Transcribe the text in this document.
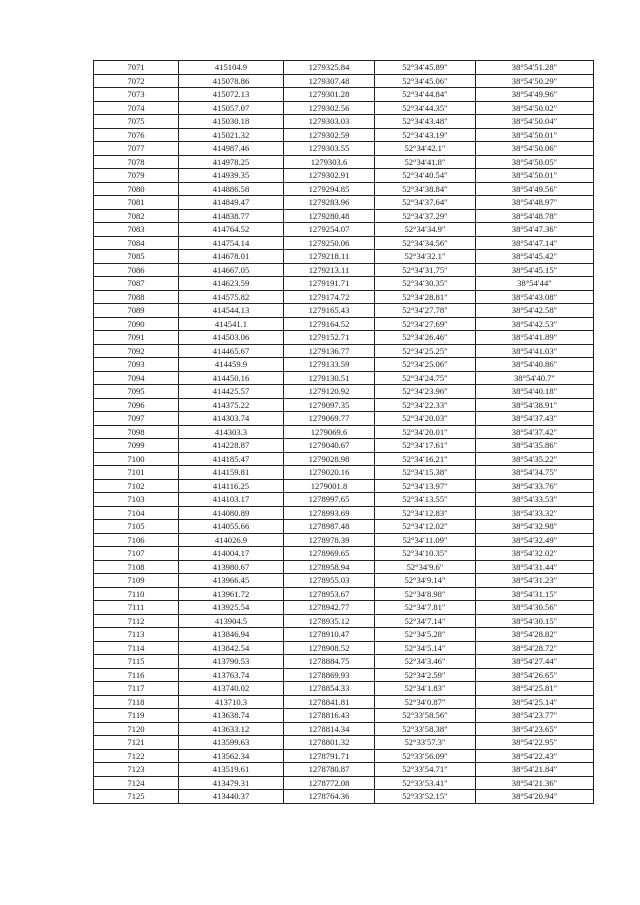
7071	415104.9	1279325.84	52°34′45.89″	38°54′51.28″
7072	415078.86	1279307.48	52°34′45.06″	38°54′50.29″
7073	415072.13	1279301.28	52°34′44.84″	38°54′49.96″
7074	415057.07	1279302.56	52°34′44.35″	38°54′50.02″
7075	415030.18	1279303.03	52°34′43.48″	38°54′50.04″
7076	415021.32	1279302.59	52°34′43.19″	38°54′50.01″
7077	414987.46	1279303.55	52°34′42.1″	38°54′50.06″
7078	414978.25	1279303.6	52°34′41.8″	38°54′50.05″
7079	414939.35	1279302.91	52°34′40.54″	38°54′50.01″
7080	414886.58	1279294.85	52°34′38.84″	38°54′49.56″
7081	414849.47	1279283.96	52°34′37.64″	38°54′48.97″
7082	414838.77	1279280.48	52°34′37.29″	38°54′48.78″
7083	414764.52	1279254.07	52°34′34.9″	38°54′47.36″
7084	414754.14	1279250.06	52°34′34.56″	38°54′47.14″
7085	414678.01	1279218.11	52°34′32.1″	38°54′45.42″
7086	414667.05	1279213.11	52°34′31.75″	38°54′45.15″
7087	414623.59	1279191.71	52°34′30.35″	38°54′44″
7088	414575.82	1279174.72	52°34′28.81″	38°54′43.08″
7089	414544.13	1279165.43	52°34′27.78″	38°54′42.58″
7090	414541.1	1279164.52	52°34′27.69″	38°54′42.53″
7091	414503.06	1279152.71	52°34′26.46″	38°54′41.89″
7092	414465.67	1279136.77	52°34′25.25″	38°54′41.03″
7093	414459.9	1279133.59	52°34′25.06″	38°54′40.86″
7094	414450.16	1279130.51	52°34′24.75″	38°54′40.7″
7095	414425.57	1279120.92	52°34′23.96″	38°54′40.18″
7096	414375.22	1279097.35	52°34′22.33″	38°54′38.91″
7097	414303.74	1279069.77	52°34′20.03″	38°54′37.43″
7098	414303.3	1279069.6	52°34′20.01″	38°54′37.42″
7099	414228.87	1279040.67	52°34′17.61″	38°54′35.86″
7100	414185.47	1279028.98	52°34′16.21″	38°54′35.22″
7101	414159.81	1279020.16	52°34′15.38″	38°54′34.75″
7102	414116.25	1279001.8	52°34′13.97″	38°54′33.76″
7103	414103.17	1278997.65	52°34′13.55″	38°54′33.53″
7104	414080.89	1278993.69	52°34′12.83″	38°54′33.32″
7105	414055.66	1278987.48	52°34′12.02″	38°54′32.98″
7106	414026.9	1278978.39	52°34′11.09″	38°54′32.49″
7107	414004.17	1278969.65	52°34′10.35″	38°54′32.02″
7108	413980.67	1278958.94	52°34′9.6″	38°54′31.44″
7109	413966.45	1278955.03	52°34′9.14″	38°54′31.23″
7110	413961.72	1278953.67	52°34′8.98″	38°54′31.15″
7111	413925.54	1278942.77	52°34′7.81″	38°54′30.56″
7112	413904.5	1278935.12	52°34′7.14″	38°54′30.15″
7113	413846.94	1278910.47	52°34′5.28″	38°54′28.82″
7114	413842.54	1278908.52	52°34′5.14″	38°54′28.72″
7115	413790.53	1278884.75	52°34′3.46″	38°54′27.44″
7116	413763.74	1278869.93	52°34′2.59″	38°54′26.65″
7117	413740.02	1278854.33	52°34′1.83″	38°54′25.81″
7118	413710.3	1278841.81	52°34′0.87″	38°54′25.14″
7119	413638.74	1278816.43	52°33′58.56″	38°54′23.77″
7120	413633.12	1278814.34	52°33′58.38″	38°54′23.65″
7121	413599.63	1278801.32	52°33′57.3″	38°54′22.95″
7122	413562.34	1278791.71	52°33′56.09″	38°54′22.43″
7123	413519.61	1278780.87	52°33′54.71″	38°54′21.84″
7124	413479.31	1278772.08	52°33′53.41″	38°54′21.36″
7125	413440.37	1278764.36	52°33′52.15″	38°54′20.94″
